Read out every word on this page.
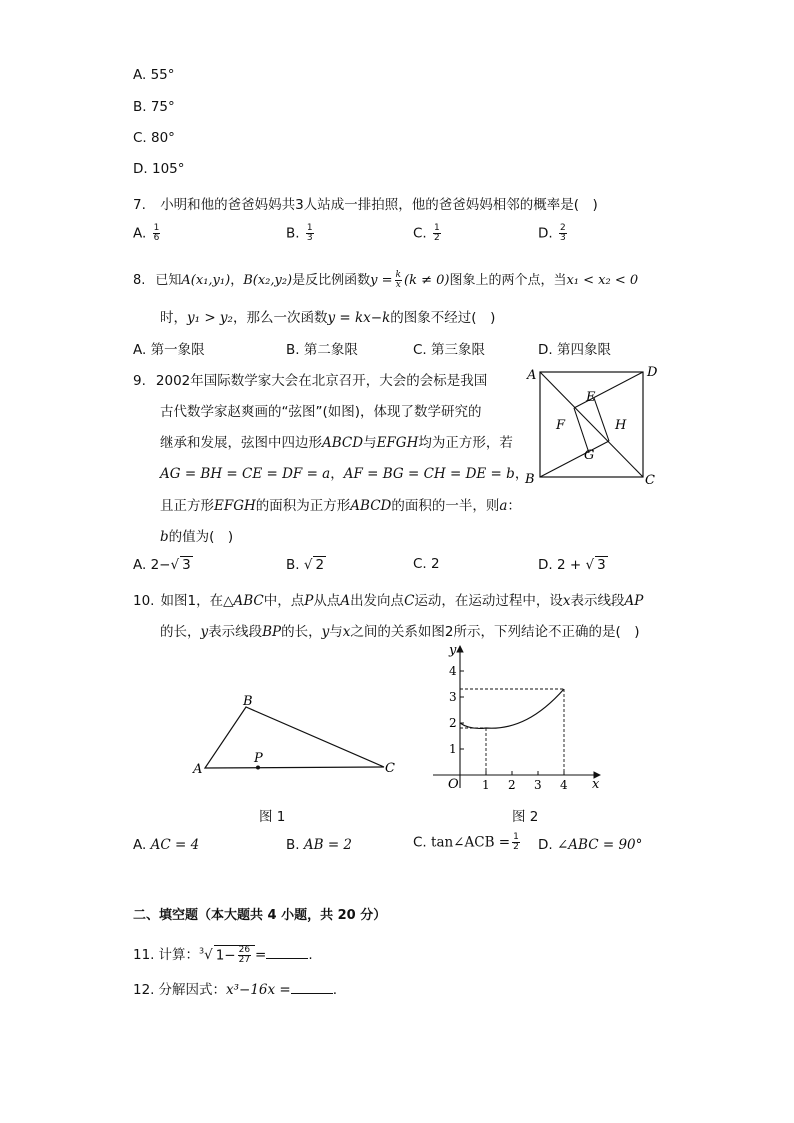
A. 55°
B. 75°
C. 80°
D. 105°
7. 小明和他的爸爸妈妈共3人站成一排拍照，他的爸爸妈妈相邻的概率是(　)
A. $\frac{1}{6}$	B. $\frac{1}{3}$	C. $\frac{1}{2}$	D. $\frac{2}{3}$
8. 已知A(x₁,y₁)，B(x₂,y₂)是反比例函数$y = \frac{k}{x} (k \ne 0)$图象上的两个点，当x₁ < x₂ < 0
时，y₁ > y₂，那么一次函数y = kx−k的图象不经过(　)
A. 第一象限	B. 第二象限	C. 第三象限	D. 第四象限
9. 2002年国际数学家大会在北京召开，大会的会标是我国
古代数学家赵爽画的“弦图”(如图)，体现了数学研究的
继承和发展，弦图中四边形ABCD与EFGH均为正方形，若
AG = BH = CE = DF = a，AF = BG = CH = DE = b，
且正方形EFGH的面积为正方形ABCD的面积的一半，则a：
b的值为(　)
A	D
B	C
E
F
G
H
A. 2−√ 3	B. √ 2	C. 2	D. 2 + √ 3
10. 如图1，在△ABC中，点P从点A出发向点C运动，在运动过程中，设x表示线段AP
的长，y表示线段BP的长，y与x之间的关系如图2所示，下列结论不正确的是(　)
A
B
C
P
图 1
y
x
O 1 2 3 4
1
2
3
4
图 2
A. AC = 4	B. AB = 2	C. tan∠ACB = $\frac{1}{2} D$. ∠ABC = 90°
二、填空题（本大题共 4 小题，共 20 分）
11. 计算：$^3$√ $1- \frac{26}{27}$ =	.
12. 分解因式：x³−16x =	.
